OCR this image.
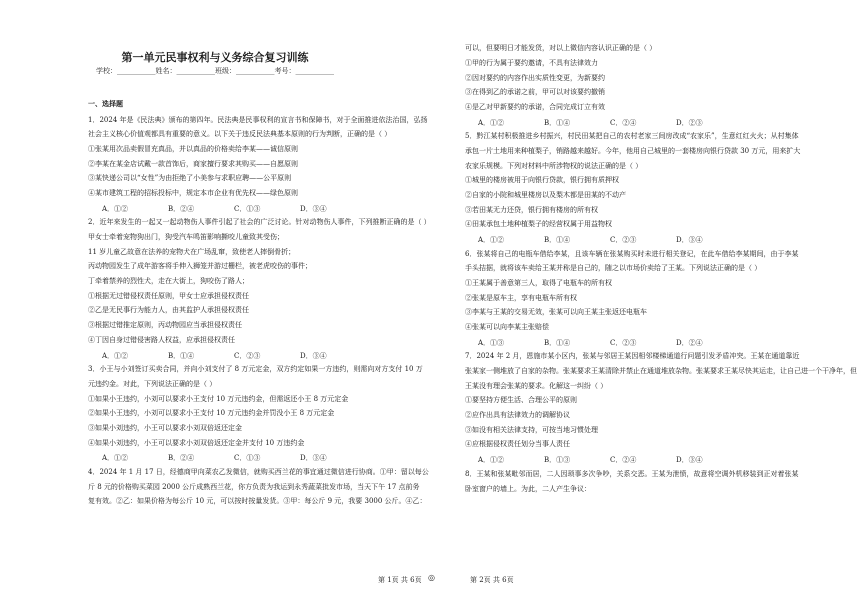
第一单元民事权利与义务综合复习训练
学校：___________姓名：___________班级：___________考号：___________
一、选择题
1．2024 年是《民法典》颁布的第四年。民法典是民事权利的宣言书和保障书，对于全面推进依法治国，弘扬
社会主义核心价值观都具有重要的意义。以下关于违反民法典基本原则的行为判断，正确的是（ ）
①张某用次品卖假冒充真品，并以真品的价格卖给李某——诚信原则
②李某在某金店试戴一款首饰后，商家擅行要求其购买——自愿原则
③某快递公司以“女性”为由拒绝了小美参与求职应聘——公平原则
④某市建筑工程的招标投标中，规定本市企业有优先权——绿色原则
A．①②	B．②④	C．①③	D．③④
2．近年来发生的一起又一起动物伤人事件引起了社会的广泛讨论。针对动物伤人事件，下列推断正确的是（ ）
甲女士牵着宠物狗出门，狗受汽车鸣笛影响撕咬儿童致其受伤；
11 岁儿童乙故意在法养的宠物犬在广场乱窜，致使老人摔倒骨折；
丙动物园发生了成年游客将手伸入狮笼并游过栅栏，被老虎咬伤的事件；
丁牵着禁养的烈性犬，走在大街上，狗咬伤了路人；
①根据无过错侵权责任原则，甲女士应承担侵权责任
②乙是无民事行为能力人，由其监护人承担侵权责任
③根据过错推定原则，丙动物园应当承担侵权责任
④丁因自身过错侵害路人权益，应承担侵权责任
A．①②	B．①④	C．②③	D．③④
3．小王与小刘签订买卖合同，并向小刘支付了 8 万元定金，双方约定如果一方违约，则需向对方支付 10 万
元违约金。对此，下列说法正确的是（ ）
①如果小王违约，小刘可以要求小王支付 10 万元违约金，但需返还小王 8 万元定金
②如果小王违约，小刘可以要求小王支付 10 万元违约金并罚没小王 8 万元定金
③如果小刘违约，小王可以要求小刘双倍返还定金
④如果小刘违约，小王可以要求小刘双倍返还定金并支付 10 万违约金
A．①②	B．②④	C．①③	D．③④
4．2024 年 1 月 17 日，经德商甲向菜农乙发微信，就购买西兰花的事宜通过微信进行协商。①甲：留以每公
斤 8 元的价格购买菜园 2000 公斤成熟西兰花，你方负责为我运到永秀蔬菜批发市场，当天下午 17 点前务
复有效。②乙：如果价格为每公斤 10 元，可以按时按量发货。③甲：每公斤 9 元，我要 3000 公斤。④乙：
第 1页 共 6页 ◎
可以，但要明日才能发货，对以上微信内容认识正确的是（ ）
①甲的行为属于要约邀请，不具有法律效力
②因对要约的内容作出实质性变更，为新要约
③在得到乙的承诺之前，甲可以对该要约撤销
④是乙对甲新要约的承诺，合同完成订立有效
A．①②	B．①④	C．②④	D．②③
5．黔江某村积极推进乡村振兴，村民田某把自己的农村老家三间房改成“农家乐”，生意红红火火；从村集体
承包一片土地用来种植梨子，销路越来越好。今年，他用自己城里的一套楼房向银行贷款 30 万元，用来扩大
农家乐规模。下列对材料中所涉物权的说法正确的是（ ）
①城里的楼房被用于向银行贷款，银行拥有质押权
②自家的小院和城里楼房以及梨木都是田某的不动产
③若田某无力还贷，银行拥有楼房的所有权
④田某承包土地种植梨子的经营权属于用益物权
A．①②	B．①④	C．②③	D．③④
6．张某将自己的电瓶车借给李某，且该车辆在张某购买时未进行相关登记，在此车借给李某期间，由于李某
手头拮据，就将该车卖给王某并称是自己的，随之以市场价卖给了王某。下列说法正确的是（ ）
①王某属于善意第三人，取得了电瓶车的所有权
②张某是原车主，享有电瓶车所有权
③李某与王某的交易无效，张某可以向王某主张返还电瓶车
④张某可以向李某主张赔偿
A．①③	B．①④	C．②③	D．②④
7．2024 年 2 月，恩施市某小区内，张某与邻居王某因相邻楼梯通道行问题引发矛盾冲突。王某在通道靠近
张某家一侧堆放了自家的杂物。张某要求王某清除并禁止在通道堆放杂物。张某要求王某尽快其运走，让自己进一个干净年，但
王某没有理会张某的要求。化解这一纠纷（ ）
①要坚持方便生活、合理公平的原则
②应作出具有法律效力的调解协议
③如没有相关法律支持，可按当地习惯处理
④应根据侵权责任划分当事人责任
A．①②	B．①③	C．②④	D．③④
8．王某和张某毗邻而居，二人因琐事多次争吵，关系交恶。王某为泄愤，故意将空调外机移装到正对着张某
卧室窗户的墙上。为此，二人产生争议：
第 2页 共 6页
